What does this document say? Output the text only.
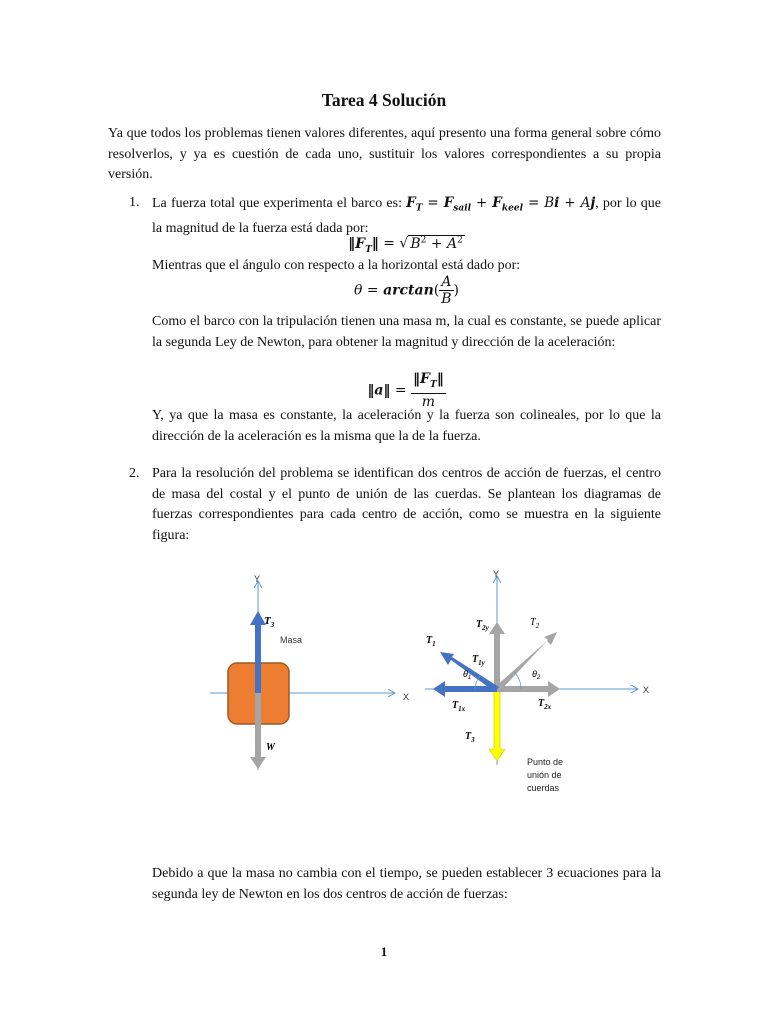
Tarea 4 Solución
Ya que todos los problemas tienen valores diferentes, aquí presento una forma general sobre cómo resolverlos, y ya es cuestión de cada uno, sustituir los valores correspondientes a su propia versión.
1. La fuerza total que experimenta el barco es: $F_T = F_{sail} + F_{keel} = Bi + Aj$, por lo que la magnitud de la fuerza está dada por:
$‖F_T‖$ = √ $B^2 + A^2$
Mientras que el ángulo con respecto a la horizontal está dado por:
$\theta = \arctan( \frac{A}{B}$ )
Como el barco con la tripulación tienen una masa m, la cual es constante, se puede aplicar la segunda Ley de Newton, para obtener la magnitud y dirección de la aceleración:
‖a‖ = $\frac{‖F_T‖}{m}$
Y, ya que la masa es constante, la aceleración y la fuerza son colineales, por lo que la dirección de la aceleración es la misma que la de la fuerza.
2. Para la resolución del problema se identifican dos centros de acción de fuerzas, el centro de masa del costal y el punto de unión de las cuerdas. Se plantean los diagramas de fuerzas correspondientes para cada centro de acción, como se muestra en la siguiente figura:
Y
X
$T_3$
Masa
W
Y
X
$T_{2y}$	$T_2$
$T_1$
$T_{1y}$
$\theta_1$	$\theta_2$
$T_{1x}$	$T_{2x}$
$T_3$
Punto de unión de cuerdas
Debido a que la masa no cambia con el tiempo, se pueden establecer 3 ecuaciones para la segunda ley de Newton en los dos centros de acción de fuerzas:
1
